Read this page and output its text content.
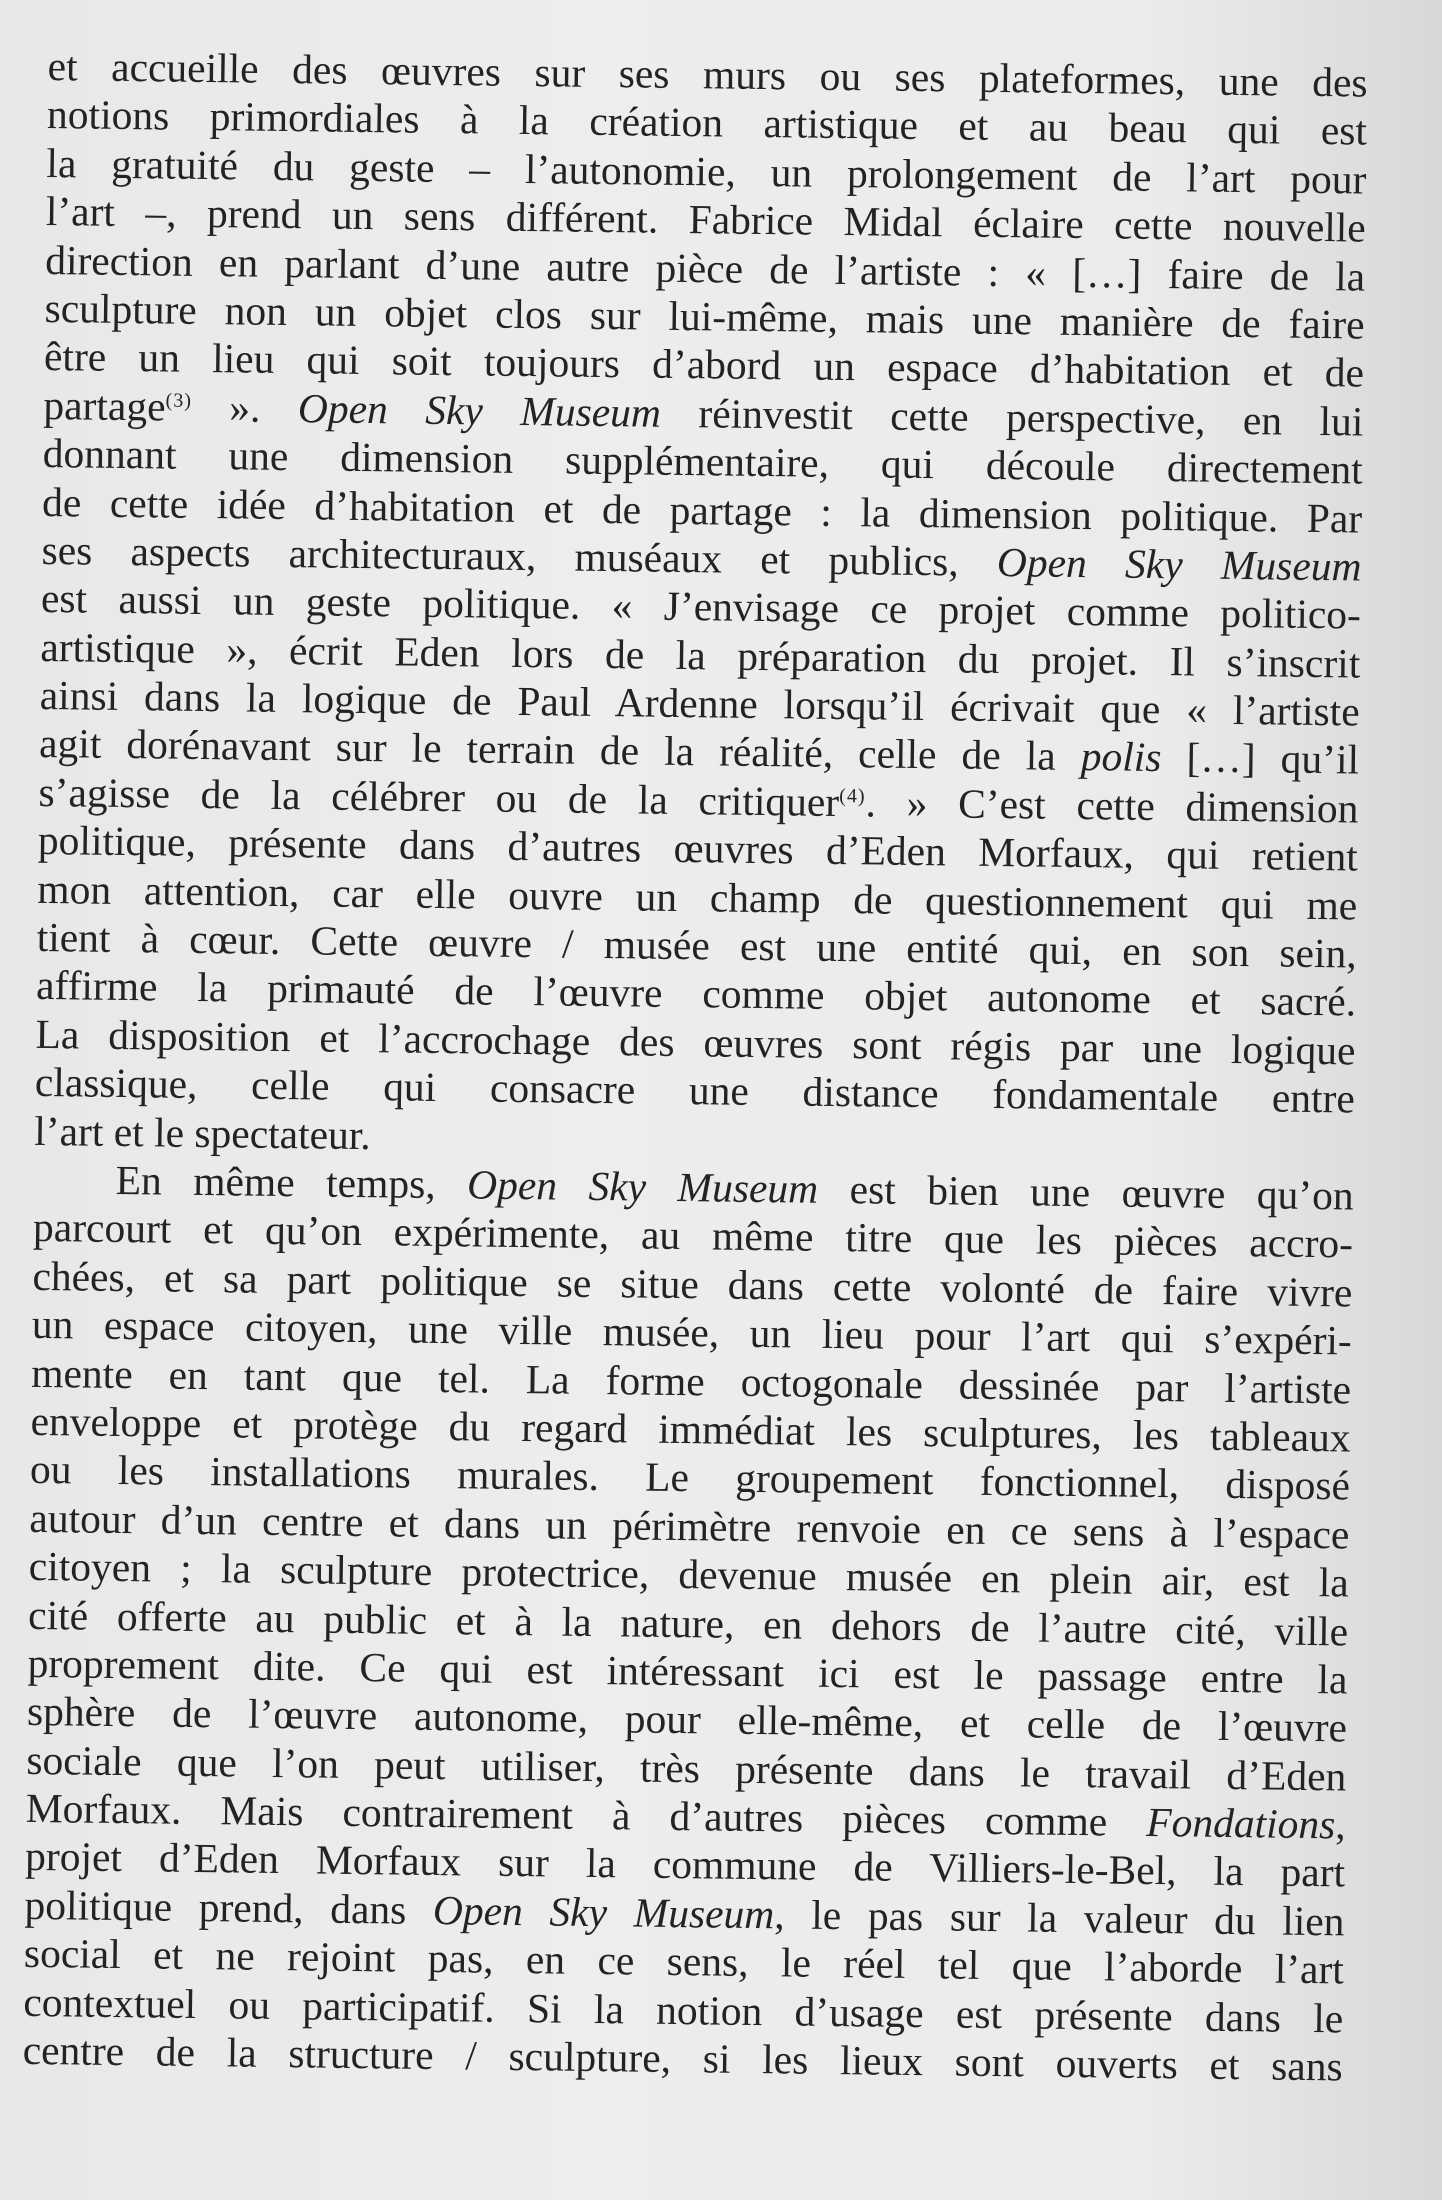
et accueille des œuvres sur ses murs ou ses plateformes, une des
notions primordiales à la création artistique et au beau qui est
la gratuité du geste – l’autonomie, un prolongement de l’art pour
l’art –, prend un sens différent. Fabrice Midal éclaire cette nouvelle
direction en parlant d’une autre pièce de l’artiste : « […] faire de la
sculpture non un objet clos sur lui-même, mais une manière de faire
être un lieu qui soit toujours d’abord un espace d’habitation et de
partage$^{(3)}$ ». Open Sky Museum réinvestit cette perspective, en lui
donnant une dimension supplémentaire, qui découle directement
de cette idée d’habitation et de partage : la dimension politique. Par
ses aspects architecturaux, muséaux et publics, Open Sky Museum
est aussi un geste politique. « J’envisage ce projet comme politico-
artistique », écrit Eden lors de la préparation du projet. Il s’inscrit
ainsi dans la logique de Paul Ardenne lorsqu’il écrivait que « l’artiste
agit dorénavant sur le terrain de la réalité, celle de la polis […] qu’il
s’agisse de la célébrer ou de la critiquer$^{(4)}$. » C’est cette dimension
politique, présente dans d’autres œuvres d’Eden Morfaux, qui retient
mon attention, car elle ouvre un champ de questionnement qui me
tient à cœur. Cette œuvre / musée est une entité qui, en son sein,
affirme la primauté de l’œuvre comme objet autonome et sacré.
La disposition et l’accrochage des œuvres sont régis par une logique
classique, celle qui consacre une distance fondamentale entre
l’art et le spectateur.
En même temps, Open Sky Museum est bien une œuvre qu’on
parcourt et qu’on expérimente, au même titre que les pièces accro-
chées, et sa part politique se situe dans cette volonté de faire vivre
un espace citoyen, une ville musée, un lieu pour l’art qui s’expéri-
mente en tant que tel. La forme octogonale dessinée par l’artiste
enveloppe et protège du regard immédiat les sculptures, les tableaux
ou les installations murales. Le groupement fonctionnel, disposé
autour d’un centre et dans un périmètre renvoie en ce sens à l’espace
citoyen ; la sculpture protectrice, devenue musée en plein air, est la
cité offerte au public et à la nature, en dehors de l’autre cité, ville
proprement dite. Ce qui est intéressant ici est le passage entre la
sphère de l’œuvre autonome, pour elle-même, et celle de l’œuvre
sociale que l’on peut utiliser, très présente dans le travail d’Eden
Morfaux. Mais contrairement à d’autres pièces comme Fondations,
projet d’Eden Morfaux sur la commune de Villiers-le-Bel, la part
politique prend, dans Open Sky Museum, le pas sur la valeur du lien
social et ne rejoint pas, en ce sens, le réel tel que l’aborde l’art
contextuel ou participatif. Si la notion d’usage est présente dans le
centre de la structure / sculpture, si les lieux sont ouverts et sans
